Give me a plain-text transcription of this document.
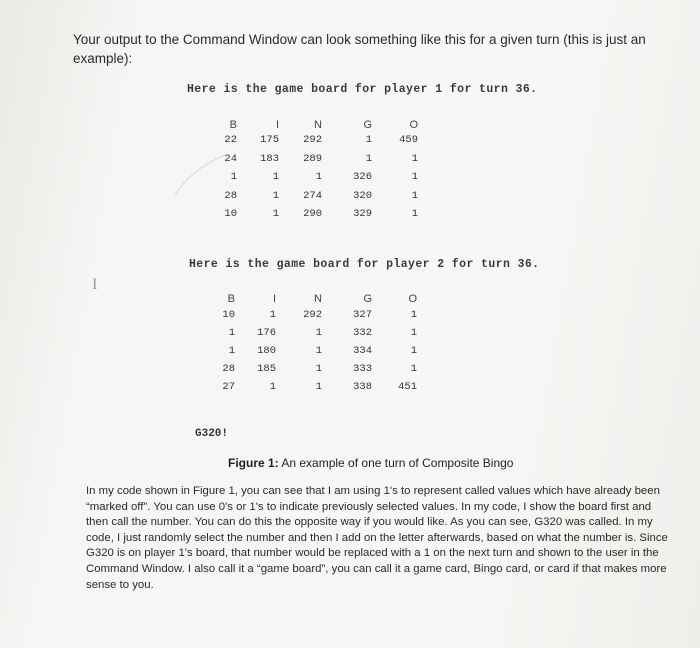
Your output to the Command Window can look something like this for a given turn (this is just an example):
Here is the game board for player 1 for turn 36.
B	I	N	G	O
22	175	292	1	459
24	183	289	1	1
1	1	1	326	1
28	1	274	320	1
10	1	290	329	1
I
Here is the game board for player 2 for turn 36.
B	I	N	G	O
10	1	292	327	1
1	176	1	332	1
1	180	1	334	1
28	185	1	333	1
27	1	1	338	451
G320!
Figure 1: An example of one turn of Composite Bingo
In my code shown in Figure 1, you can see that I am using 1's to represent called values which have already been “marked off”. You can use 0's or 1's to indicate previously selected values. In my code, I show the board first and then call the number. You can do this the opposite way if you would like. As you can see, G320 was called. In my code, I just randomly select the number and then I add on the letter afterwards, based on what the number is. Since G320 is on player 1's board, that number would be replaced with a 1 on the next turn and shown to the user in the Command Window. I also call it a “game board”, you can call it a game card, Bingo card, or card if that makes more sense to you.
